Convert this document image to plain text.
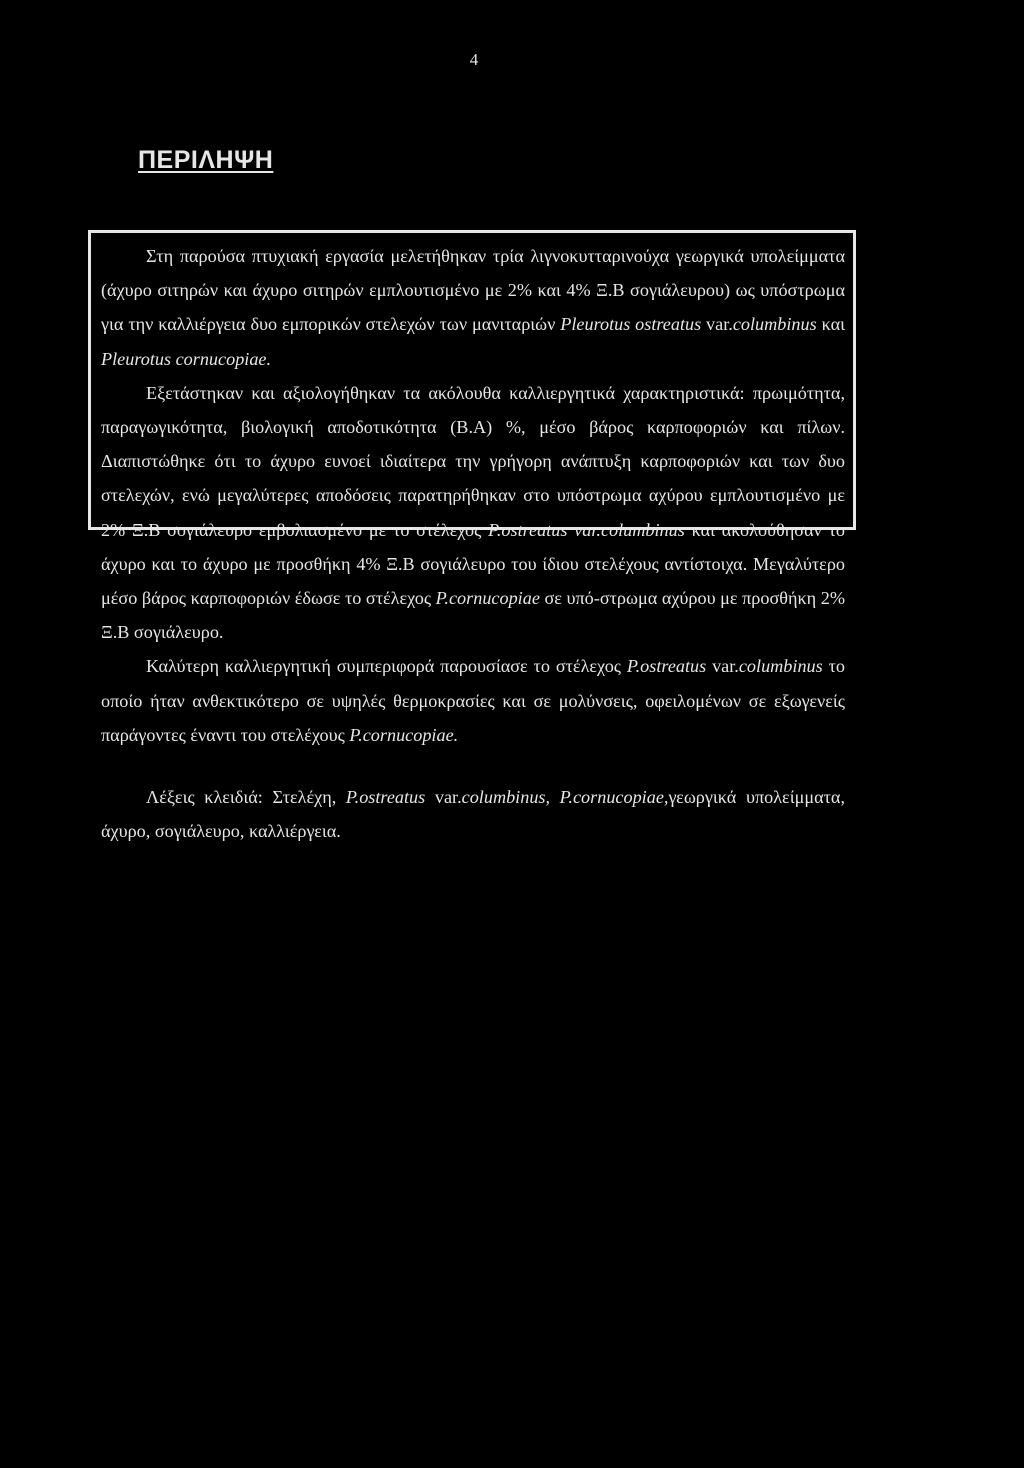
4
ΠΕΡΙΛΗΨΗ

Στη παρούσα πτυχιακή εργασία μελετήθηκαν τρία λιγνοκυτταρινούχα γεωργικά υπολείμματα (άχυρο σιτηρών και άχυρο σιτηρών εμπλουτισμένο με 2% και 4% Ξ.Β σογιάλευρου) ως υπόστρωμα για την καλλιέργεια δυο εμπορικών στελεχών των μανιταριών Pleurotus ostreatus var.columbinus και Pleurotus cornucopiae.

Εξετάστηκαν και αξιολογήθηκαν τα ακόλουθα καλλιεργητικά χαρακτηριστικά: πρωιμότητα, παραγωγικότητα, βιολογική αποδοτικότητα (Β.Α) %, μέσο βάρος καρποφοριών και πίλων. Διαπιστώθηκε ότι το άχυρο ευνοεί ιδιαίτερα την γρήγορη ανάπτυξη καρποφοριών και των δυο στελεχών, ενώ μεγαλύτερες αποδόσεις παρατηρήθηκαν στο υπόστρωμα αχύρου εμπλουτισμένο με 2% Ξ.Β σογιάλευρο εμβολιασμένο με το στέλεχος P.ostreatus var.columbinus και ακολούθησαν το άχυρο και το άχυρο με προσθήκη 4% Ξ.Β σογιάλευρο του ίδιου στελέχους αντίστοιχα. Μεγαλύτερο μέσο βάρος καρποφοριών έδωσε το στέλεχος P.cornucopiae σε υπό-στρωμα αχύρου με προσθήκη 2% Ξ.Β σογιάλευρο.

Καλύτερη καλλιεργητική συμπεριφορά παρουσίασε το στέλεχος P.ostreatus var.columbinus το οποίο ήταν ανθεκτικότερο σε υψηλές θερμοκρασίες και σε μολύνσεις, οφειλομένων σε εξωγενείς παράγοντες έναντι του στελέχους P.cornucopiae.

Λέξεις κλειδιά: Στελέχη, P.ostreatus var.columbinus, P.cornucopiae,γεωργικά υπολείμματα, άχυρο, σογιάλευρο, καλλιέργεια.
